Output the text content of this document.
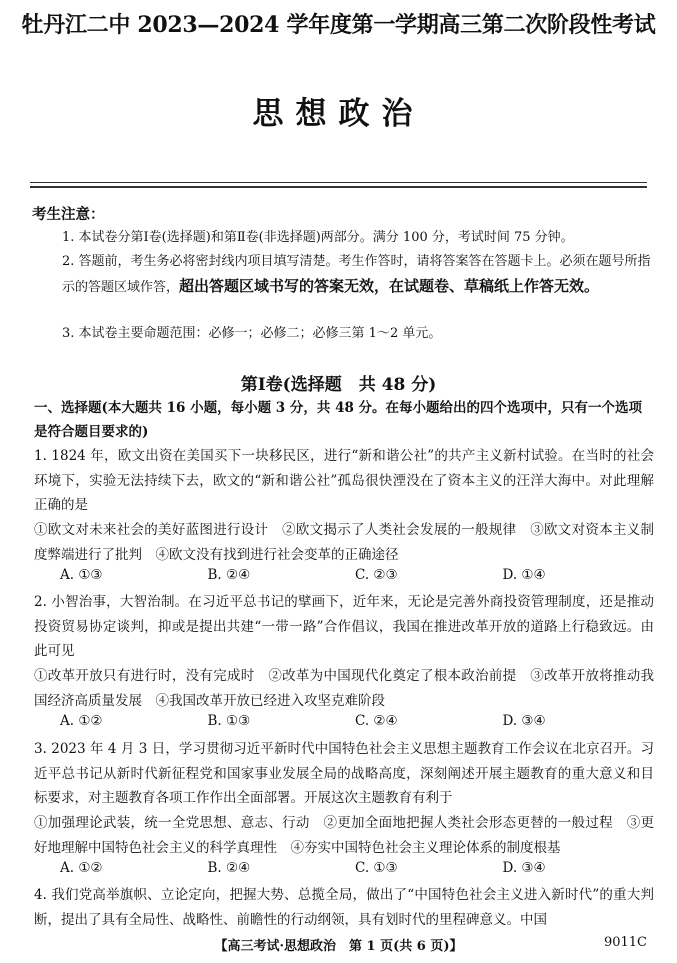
牡丹江二中 2023—2024 学年度第一学期高三第二次阶段性考试
思想政治
考生注意：
1. 本试卷分第Ⅰ卷(选择题)和第Ⅱ卷(非选择题)两部分。满分 100 分，考试时间 75 分钟。
2. 答题前，考生务必将密封线内项目填写清楚。考生作答时，请将答案答在答题卡上。必须在题号所指示的答题区域作答，超出答题区域书写的答案无效，在试题卷、草稿纸上作答无效。
3. 本试卷主要命题范围：必修一；必修二；必修三第 1～2 单元。
第Ⅰ卷(选择题　共 48 分)
一、选择题(本大题共 16 小题，每小题 3 分，共 48 分。在每小题给出的四个选项中，只有一个选项是符合题目要求的)
1. 1824 年，欧文出资在美国买下一块移民区，进行“新和谐公社”的共产主义新村试验。在当时的社会环境下，实验无法持续下去，欧文的“新和谐公社”孤岛很快湮没在了资本主义的汪洋大海中。对此理解正确的是
①欧文对未来社会的美好蓝图进行设计　②欧文揭示了人类社会发展的一般规律　③欧文对资本主义制度弊端进行了批判　④欧文没有找到进行社会变革的正确途径
A. ①③	B. ②④	C. ②③	D. ①④
2. 小智治事，大智治制。在习近平总书记的擘画下，近年来，无论是完善外商投资管理制度，还是推动投资贸易协定谈判，抑或是提出共建“一带一路”合作倡议，我国在推进改革开放的道路上行稳致远。由此可见
①改革开放只有进行时，没有完成时　②改革为中国现代化奠定了根本政治前提　③改革开放将推动我国经济高质量发展　④我国改革开放已经进入攻坚克难阶段
A. ①②	B. ①③	C. ②④	D. ③④
3. 2023 年 4 月 3 日，学习贯彻习近平新时代中国特色社会主义思想主题教育工作会议在北京召开。习近平总书记从新时代新征程党和国家事业发展全局的战略高度，深刻阐述开展主题教育的重大意义和目标要求，对主题教育各项工作作出全面部署。开展这次主题教育有利于
①加强理论武装，统一全党思想、意志、行动　②更加全面地把握人类社会形态更替的一般过程　③更好地理解中国特色社会主义的科学真理性　④夯实中国特色社会主义理论体系的制度根基
A. ①②	B. ②④	C. ①③	D. ③④
4. 我们党高举旗帜、立论定向，把握大势、总揽全局，做出了“中国特色社会主义进入新时代”的重大判断，提出了具有全局性、战略性、前瞻性的行动纲领，具有划时代的里程碑意义。中国
【高三考试·思想政治　第 1 页(共 6 页)】	9011C
